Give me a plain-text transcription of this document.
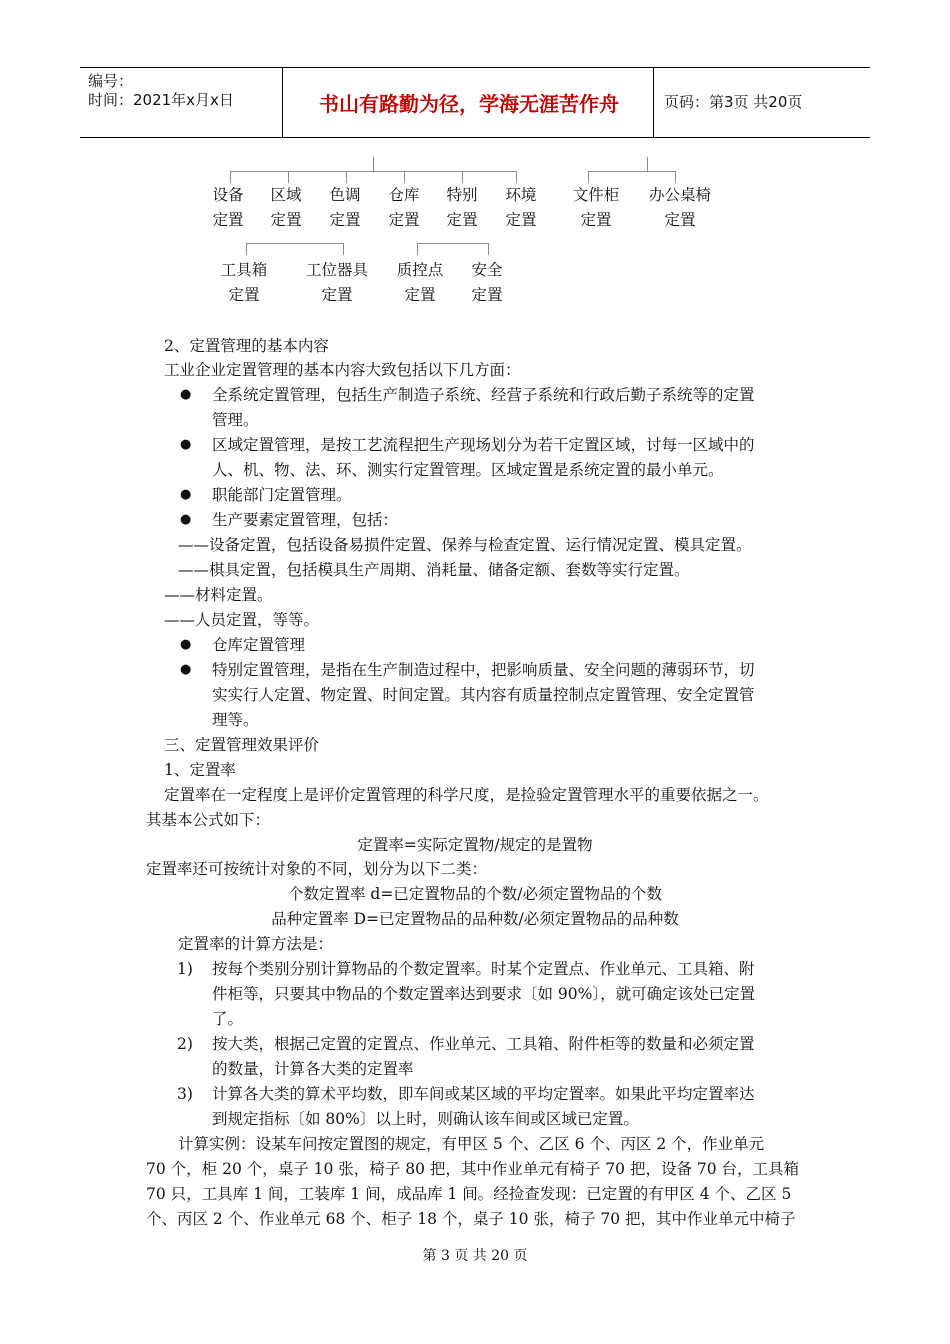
编号：
时间：2021年x月x日	书山有路勤为径，学海无涯苦作舟	页码：第3页 共20页
设备
定置
区域
定置
色调
定置
仓库
定置
特别
定置
环境
定置
文件柜
定置
办公桌椅
定置
工具箱
定置
工位器具
定置
质控点
定置
安全
定置
2、定置管理的基本内容
工业企业定置管理的基本内容大致包括以下几方面：
● 全系统定置管理，包括生产制造子系统、经营子系统和行政后勤子系统等的定置
管理。
● 区域定置管理，是按工艺流程把生产现场划分为若干定置区域，讨每一区域中的
人、机、物、法、环、测实行定置管理。区域定置是系统定置的最小单元。
● 职能部门定置管理。
● 生产要素定置管理，包括：
——设备定置，包括设备易损件定置、保养与检查定置、运行情况定置、模具定置。
——棋具定置，包括模具生产周期、消耗量、储备定额、套数等实行定置。
——材料定置。
——人员定置，等等。
● 仓库定置管理
● 特别定置管理，是指在生产制造过程中，把影响质量、安全问题的薄弱环节，切
实实行人定置、物定置、时间定置。其内容有质量控制点定置管理、安全定置管
理等。
三、定置管理效果评价
1、定置率
定置率在一定程度上是评价定置管理的科学尺度，是捡验定置管理水平的重要依据之一。
其基本公式如下：
定置率=实际定置物/规定的是置物
定置率还可按统计对象的不同，划分为以下二类：
个数定置率 d=已定置物品的个数/必须定置物品的个数
品种定置率 D=已定置物品的品种数/必须定置物品的品种数
定置率的计算方法是：
1) 按每个类别分别计算物品的个数定置率。时某个定置点、作业单元、工具箱、附
件柜等，只要其中物品的个数定置率达到要求〔如 90%〕，就可确定该处已定置
了。
2) 按大类，根据己定置的定置点、作业单元、工具箱、附件柜等的数量和必须定置
的数量，计算各大类的定置率
3) 计算各大类的算术平均数，即车间或某区域的平均定置率。如果此平均定置率达
到规定指标〔如 80%〕以上时，则确认该车间或区域已定置。
计算实例：设某车问按定置图的规定，有甲区 5 个、乙区 6 个、丙区 2 个，作业单元
70 个，柜 20 个，桌子 10 张，椅子 80 把，其中作业单元有椅子 70 把，设备 70 台，工具箱
70 只，工具库 1 间，工装库 1 间，成品库 1 间。经捡查发现：已定置的有甲区 4 个、乙区 5
个、丙区 2 个、作业单元 68 个、柜子 18 个，桌子 10 张，椅子 70 把，其中作业单元中椅子
第 3 页 共 20 页
